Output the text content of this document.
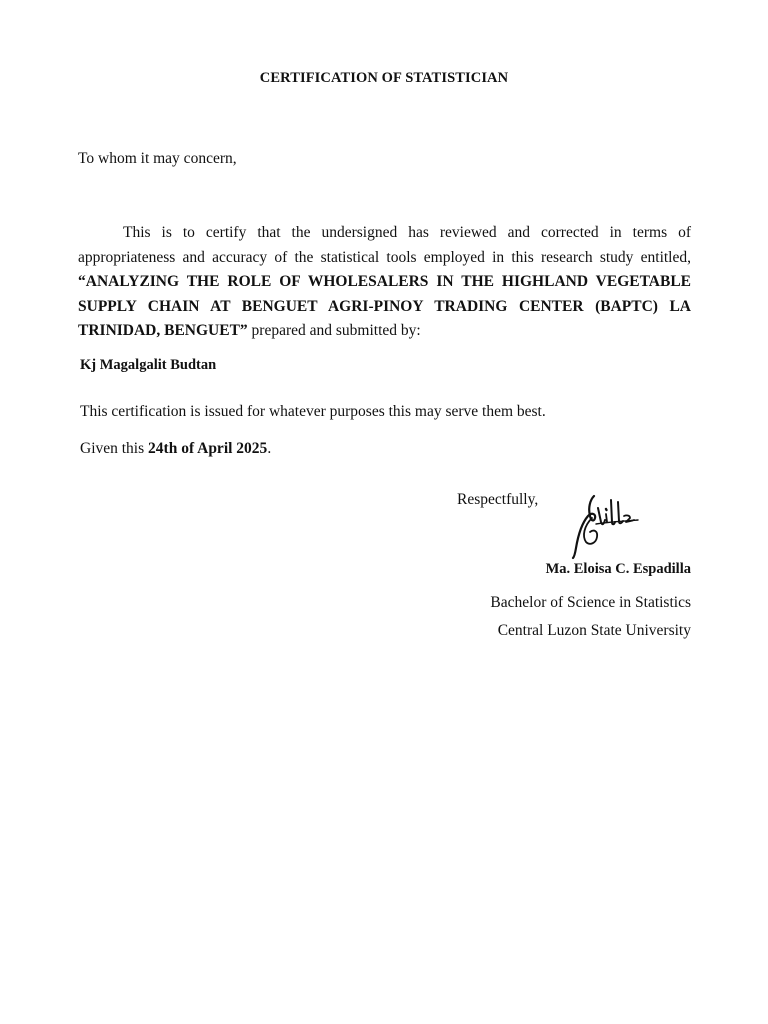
CERTIFICATION OF STATISTICIAN
To whom it may concern,

This is to certify that the undersigned has reviewed and corrected in terms of appropriateness and accuracy of the statistical tools employed in this research study entitled, “ANALYZING THE ROLE OF WHOLESALERS IN THE HIGHLAND VEGETABLE SUPPLY CHAIN AT BENGUET AGRI-PINOY TRADING CENTER (BAPTC) LA TRINIDAD, BENGUET” prepared and submitted by:

Kj Magalgalit Budtan
This certification is issued for whatever purposes this may serve them best.
Given this 24th of April 2025.
Respectfully,
Ma. Eloisa C. Espadilla
Bachelor of Science in Statistics
Central Luzon State University
